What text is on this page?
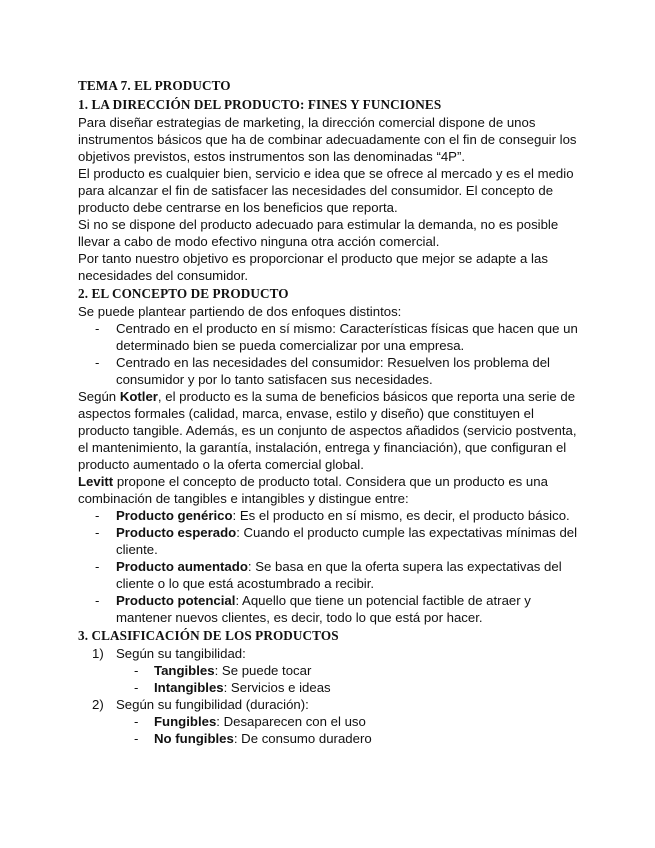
TEMA 7. EL PRODUCTO
1. LA DIRECCIÓN DEL PRODUCTO: FINES Y FUNCIONES

Para diseñar estrategias de marketing, la dirección comercial dispone de unos instrumentos básicos que ha de combinar adecuadamente con el fin de conseguir los objetivos previstos, estos instrumentos son las denominadas “4P”.

El producto es cualquier bien, servicio e idea que se ofrece al mercado y es el medio para alcanzar el fin de satisfacer las necesidades del consumidor. El concepto de producto debe centrarse en los beneficios que reporta.

Si no se dispone del producto adecuado para estimular la demanda, no es posible llevar a cabo de modo efectivo ninguna otra acción comercial.

Por tanto nuestro objetivo es proporcionar el producto que mejor se adapte a las necesidades del consumidor.

2. EL CONCEPTO DE PRODUCTO

Se puede plantear partiendo de dos enfoques distintos:

- Centrado en el producto en sí mismo: Características físicas que hacen que un determinado bien se pueda comercializar por una empresa.
- Centrado en las necesidades del consumidor: Resuelven los problema del consumidor y por lo tanto satisfacen sus necesidades.

Según Kotler, el producto es la suma de beneficios básicos que reporta una serie de aspectos formales (calidad, marca, envase, estilo y diseño) que constituyen el producto tangible. Además, es un conjunto de aspectos añadidos (servicio postventa, el mantenimiento, la garantía, instalación, entrega y financiación), que configuran el producto aumentado o la oferta comercial global.

Levitt propone el concepto de producto total. Considera que un producto es una combinación de tangibles e intangibles y distingue entre:

- Producto genérico: Es el producto en sí mismo, es decir, el producto básico.
- Producto esperado: Cuando el producto cumple las expectativas mínimas del cliente.
- Producto aumentado: Se basa en que la oferta supera las expectativas del cliente o lo que está acostumbrado a recibir.
- Producto potencial: Aquello que tiene un potencial factible de atraer y mantener nuevos clientes, es decir, todo lo que está por hacer.
3. CLASIFICACIÓN DE LOS PRODUCTOS
1) Según su tangibilidad:
- Tangibles: Se puede tocar
- Intangibles: Servicios e ideas
2) Según su fungibilidad (duración):
- Fungibles: Desaparecen con el uso
- No fungibles: De consumo duradero
